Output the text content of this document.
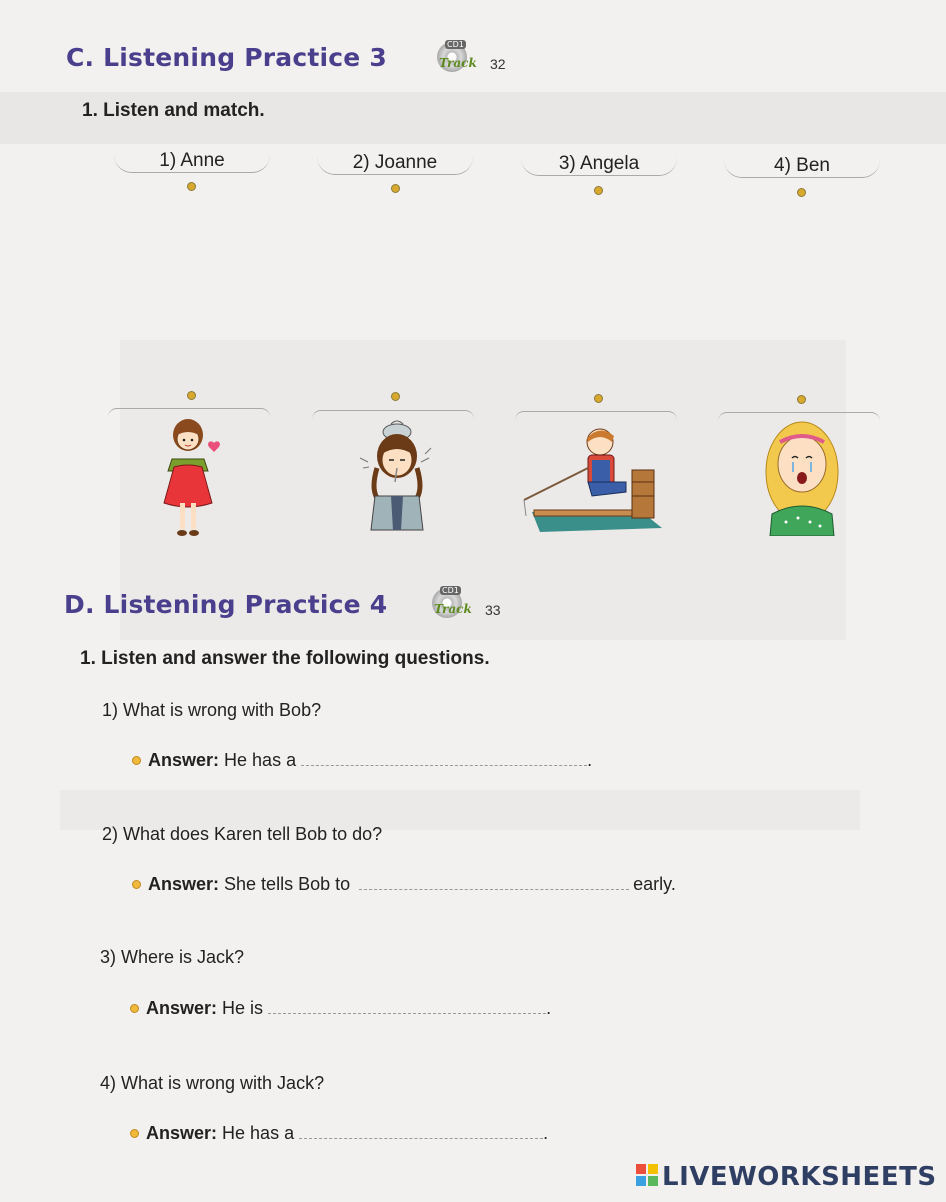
C. Listening Practice 3	CD1
Track 32
1. Listen and match.
1) Anne	2) Joanne	3) Angela	4) Ben
D. Listening Practice 4	CD1
Track 33
1. Listen and answer the following questions.
1) What is wrong with Bob?
Answer: He has a	.
2) What does Karen tell Bob to do?
Answer: She tells Bob to	early.
3) Where is Jack?
Answer: He is	.
4) What is wrong with Jack?
Answer: He has a	.
LIVEWORKSHEETS
